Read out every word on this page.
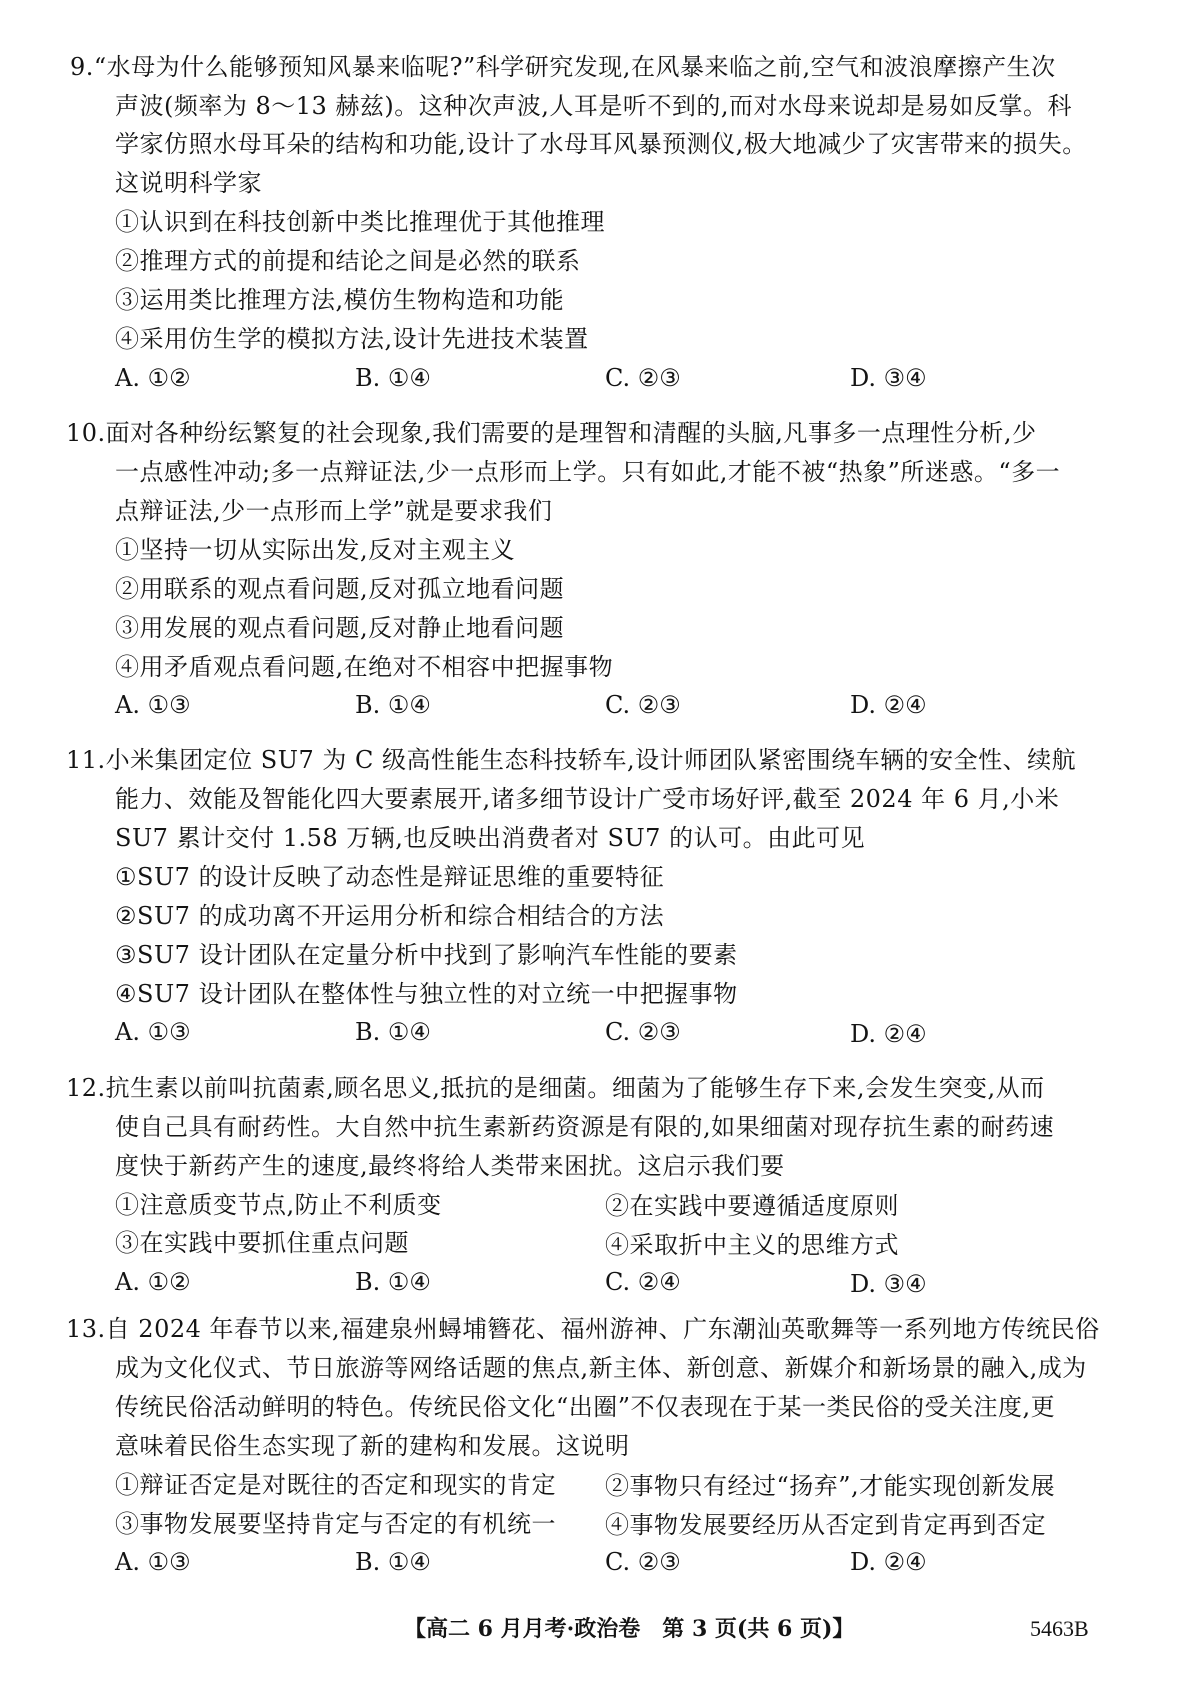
9.“水母为什么能够预知风暴来临呢?”科学研究发现,在风暴来临之前,空气和波浪摩擦产生次
声波(频率为 8～13 赫兹)。这种次声波,人耳是听不到的,而对水母来说却是易如反掌。科
学家仿照水母耳朵的结构和功能,设计了水母耳风暴预测仪,极大地减少了灾害带来的损失。
这说明科学家
①认识到在科技创新中类比推理优于其他推理
②推理方式的前提和结论之间是必然的联系
③运用类比推理方法,模仿生物构造和功能
④采用仿生学的模拟方法,设计先进技术装置
A. ①②	B. ①④	C. ②③	D. ③④
10.面对各种纷纭繁复的社会现象,我们需要的是理智和清醒的头脑,凡事多一点理性分析,少
一点感性冲动;多一点辩证法,少一点形而上学。只有如此,才能不被“热象”所迷惑。“多一
点辩证法,少一点形而上学”就是要求我们
①坚持一切从实际出发,反对主观主义
②用联系的观点看问题,反对孤立地看问题
③用发展的观点看问题,反对静止地看问题
④用矛盾观点看问题,在绝对不相容中把握事物
A. ①③	B. ①④	C. ②③	D. ②④
11.小米集团定位 SU7 为 C 级高性能生态科技轿车,设计师团队紧密围绕车辆的安全性、续航
能力、效能及智能化四大要素展开,诸多细节设计广受市场好评,截至 2024 年 6 月,小米
SU7 累计交付 1.58 万辆,也反映出消费者对 SU7 的认可。由此可见
①SU7 的设计反映了动态性是辩证思维的重要特征
②SU7 的成功离不开运用分析和综合相结合的方法
③SU7 设计团队在定量分析中找到了影响汽车性能的要素
④SU7 设计团队在整体性与独立性的对立统一中把握事物
A. ①③	B. ①④	C. ②③	D. ②④
12.抗生素以前叫抗菌素,顾名思义,抵抗的是细菌。细菌为了能够生存下来,会发生突变,从而
使自己具有耐药性。大自然中抗生素新药资源是有限的,如果细菌对现存抗生素的耐药速
度快于新药产生的速度,最终将给人类带来困扰。这启示我们要
①注意质变节点,防止不利质变	②在实践中要遵循适度原则
③在实践中要抓住重点问题	④采取折中主义的思维方式
A. ①②	B. ①④	C. ②④	D. ③④
13.自 2024 年春节以来,福建泉州蟳埔簪花、福州游神、广东潮汕英歌舞等一系列地方传统民俗
成为文化仪式、节日旅游等网络话题的焦点,新主体、新创意、新媒介和新场景的融入,成为
传统民俗活动鲜明的特色。传统民俗文化“出圈”不仅表现在于某一类民俗的受关注度,更
意味着民俗生态实现了新的建构和发展。这说明
①辩证否定是对既往的否定和现实的肯定 ②事物只有经过“扬弃”,才能实现创新发展
③事物发展要坚持肯定与否定的有机统一 ④事物发展要经历从否定到肯定再到否定
A. ①③	B. ①④	C. ②③	D. ②④
【高二 6 月月考·政治卷　第 3 页(共 6 页)】	5463B
